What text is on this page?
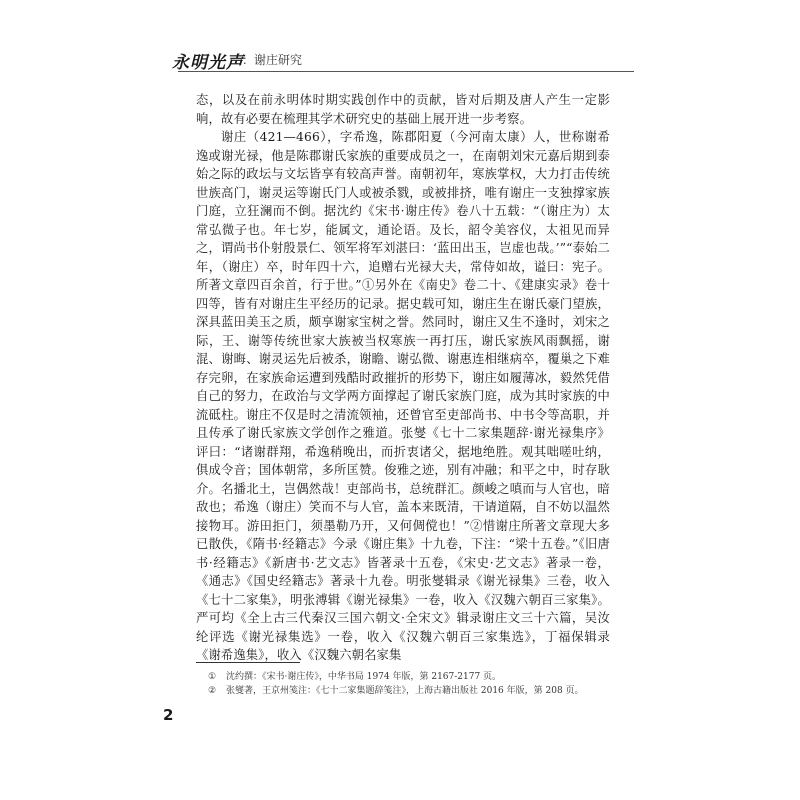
永明光声
：谢庄研究

态，以及在前永明体时期实践创作中的贡献，皆对后期及唐人产生一定影响，故有必要在梳理其学术研究史的基础上展开进一步考察。

谢庄（421—466），字希逸，陈郡阳夏（今河南太康）人，世称谢希逸或谢光禄，他是陈郡谢氏家族的重要成员之一，在南朝刘宋元嘉后期到泰始之际的政坛与文坛皆享有较高声誉。南朝初年，寒族掌权，大力打击传统世族高门，谢灵运等谢氏门人或被杀戮，或被排挤，唯有谢庄一支独撑家族门庭，立狂澜而不倒。据沈约《宋书·谢庄传》卷八十五载：“（谢庄为）太常弘微子也。年七岁，能属文，通论语。及长，韶令美容仪，太祖见而异之，谓尚书仆射殷景仁、领军将军刘湛曰：‘蓝田出玉，岂虚也哉。’”“泰始二年，（谢庄）卒，时年四十六，追赠右光禄大夫，常侍如故，谥曰：宪子。所著文章四百余首，行于世。”①另外在《南史》卷二十、《建康实录》卷十四等，皆有对谢庄生平经历的记录。据史载可知，谢庄生在谢氏豪门望族，深具蓝田美玉之质，颇享谢家宝树之誉。然同时，谢庄又生不逢时，刘宋之际，王、谢等传统世家大族被当权寒族一再打压，谢氏家族风雨飘摇，谢混、谢晦、谢灵运先后被杀，谢瞻、谢弘微、谢惠连相继病卒，覆巢之下难存完卵，在家族命运遭到残酷时政摧折的形势下，谢庄如履薄冰，毅然凭借自己的努力，在政治与文学两方面撑起了谢氏家族门庭，成为其时家族的中流砥柱。谢庄不仅是时之清流领袖，还曾官至吏部尚书、中书令等高职，并且传承了谢氏家族文学创作之雅道。张燮《七十二家集题辞·谢光禄集序》评曰：“诸谢群翔，希逸稍晚出，而折衷诸父，据地绝胜。观其咄嗟吐纳，俱成令音；国体朝常，多所匡赞。俊雅之迹，别有冲融；和平之中，时存耿介。名播北土，岂偶然哉！吏部尚书，总统群汇。颜峻之嗔而与人官也，暗敌也；希逸（谢庄）笑而不与人官，盖本来既清，干请道隔，自不妨以温然接物耳。游田拒门，须墨勒乃开，又何倜傥也！”②惜谢庄所著文章现大多已散佚，《隋书·经籍志》今录《谢庄集》十九卷，下注：“梁十五卷。”《旧唐书·经籍志》《新唐书·艺文志》皆著录十五卷，《宋史·艺文志》著录一卷，《通志》《国史经籍志》著录十九卷。明张燮辑录《谢光禄集》三卷，收入《七十二家集》，明张溥辑《谢光禄集》一卷，收入《汉魏六朝百三家集》。严可均《全上古三代秦汉三国六朝文·全宋文》辑录谢庄文三十六篇，吴汝纶评选《谢光禄集选》一卷，收入《汉魏六朝百三家集选》，丁福保辑录《谢希逸集》，收入《汉魏六朝名家集

① 沈约撰：《宋书·谢庄传》，中华书局 1974 年版，第 2167-2177 页。
② 张燮著，王京州笺注：《七十二家集题辞笺注》，上海古籍出版社 2016 年版，第 208 页。
2
